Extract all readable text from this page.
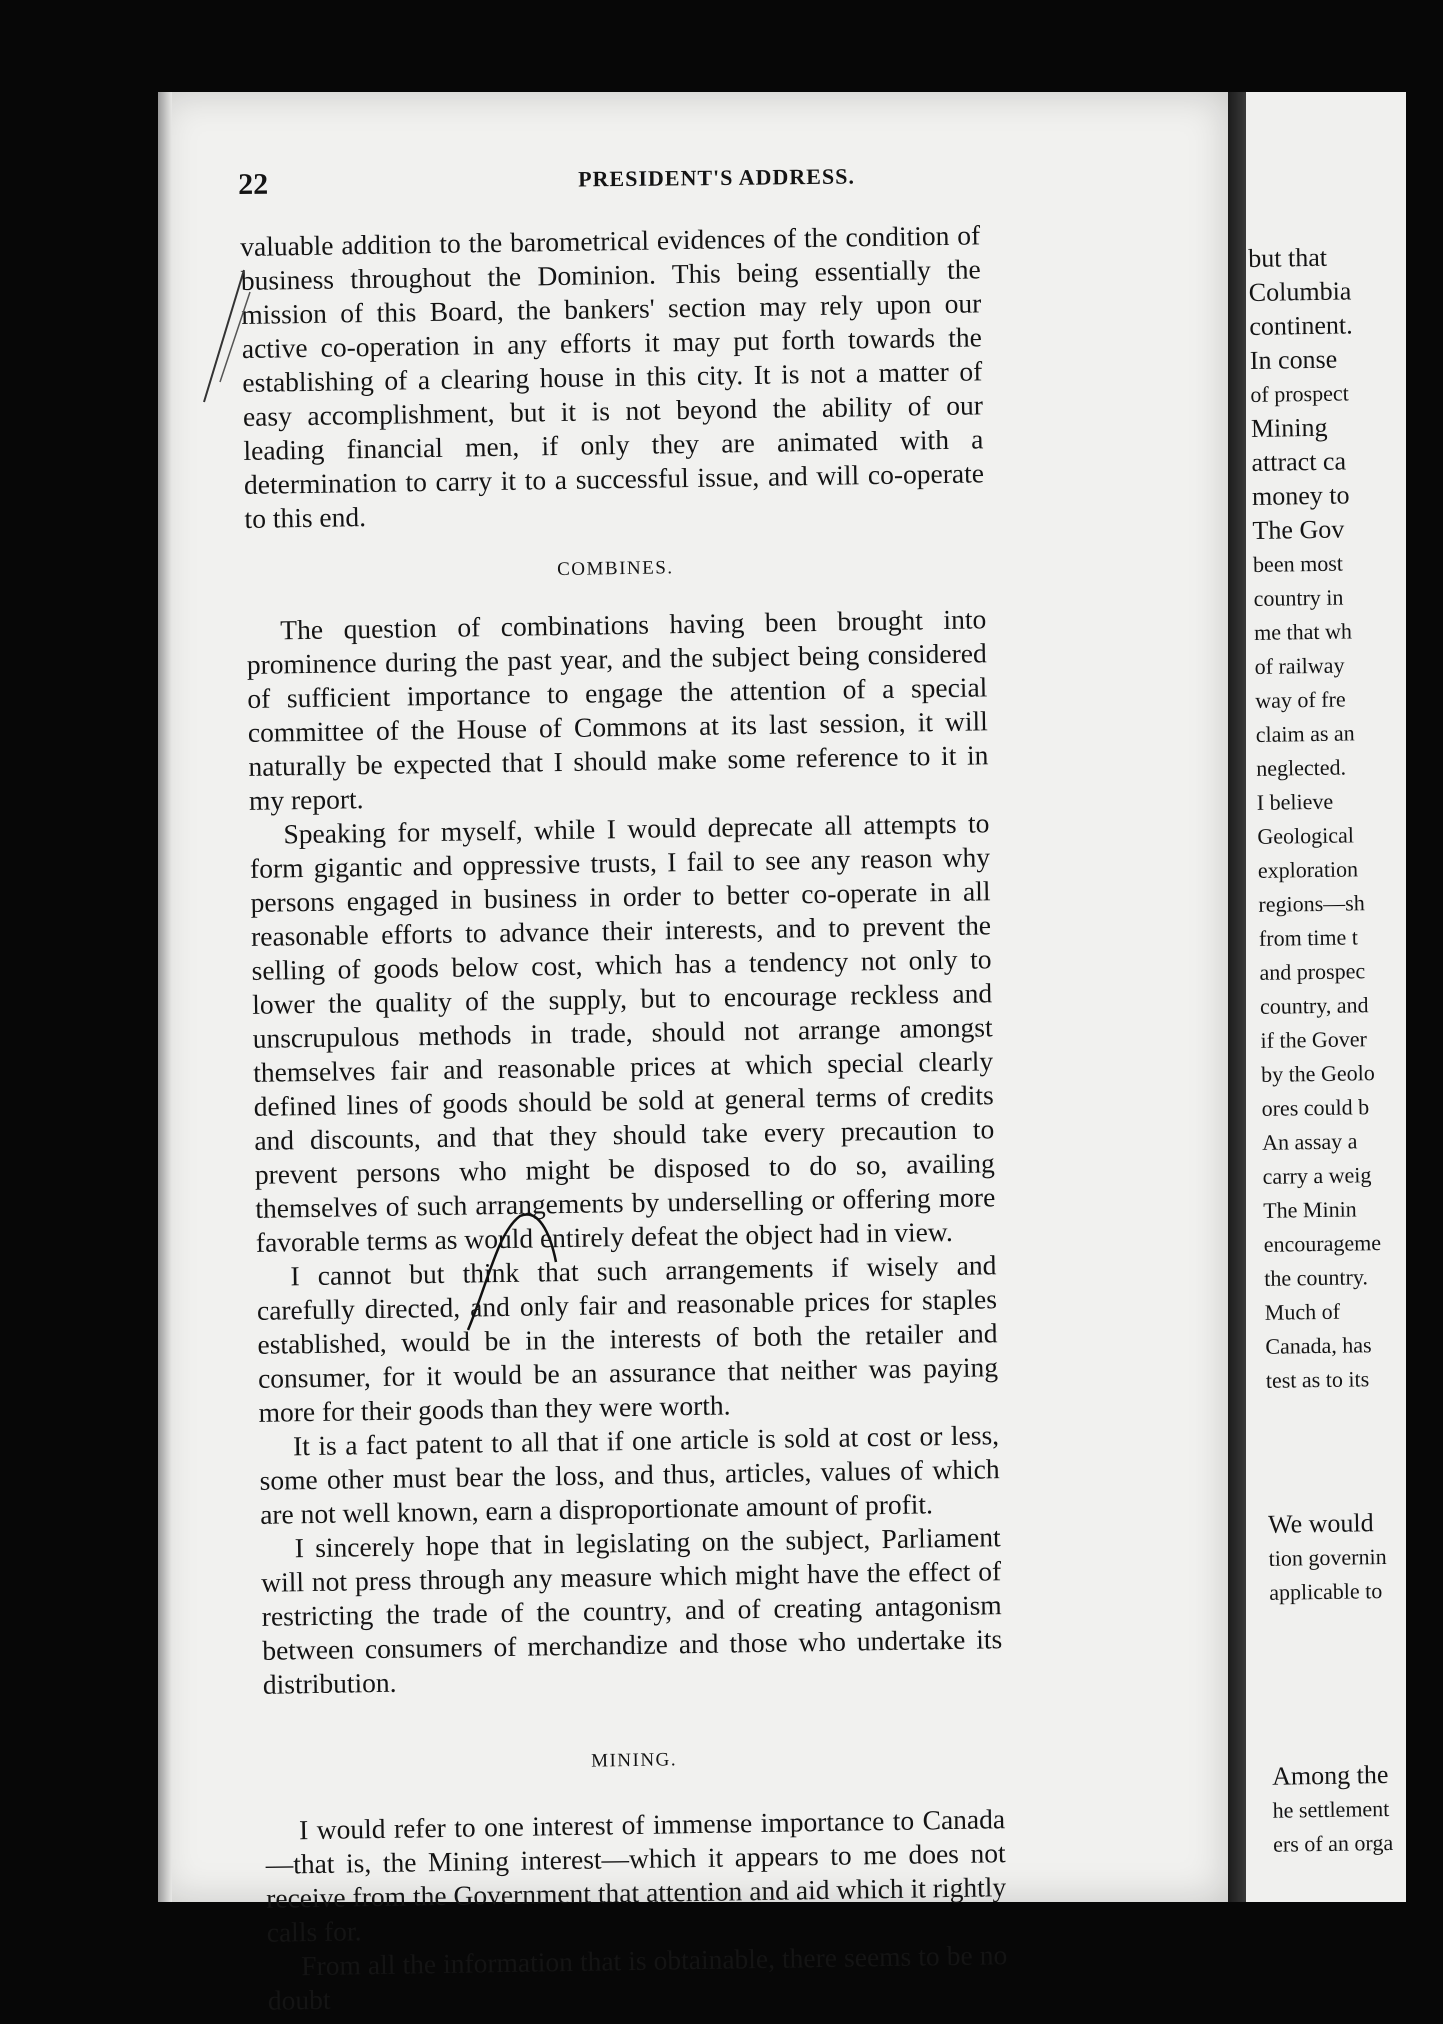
22	PRESIDENT'S ADDRESS.

valuable addition to the barometrical evidences of the condition of business throughout the Dominion. This being essentially the mission of this Board, the bankers' section may rely upon our active co-operation in any efforts it may put forth towards the establishing of a clearing house in this city. It is not a matter of easy accomplishment, but it is not beyond the ability of our leading financial men, if only they are animated with a determination to carry it to a successful issue, and will co-operate to this end.

COMBINES.

The question of combinations having been brought into prominence during the past year, and the subject being considered of sufficient importance to engage the attention of a special committee of the House of Commons at its last session, it will naturally be expected that I should make some reference to it in my report.

Speaking for myself, while I would deprecate all attempts to form gigantic and oppressive trusts, I fail to see any reason why persons engaged in business in order to better co-operate in all reasonable efforts to advance their interests, and to prevent the selling of goods below cost, which has a tendency not only to lower the quality of the supply, but to encourage reckless and unscrupulous methods in trade, should not arrange amongst themselves fair and reasonable prices at which special clearly defined lines of goods should be sold at general terms of credits and discounts, and that they should take every precaution to prevent persons who might be disposed to do so, availing themselves of such arrangements by underselling or offering more favorable terms as would entirely defeat the object had in view.

I cannot but think that such arrangements if wisely and carefully directed, and only fair and reasonable prices for staples established, would be in the interests of both the retailer and consumer, for it would be an assurance that neither was paying more for their goods than they were worth.

It is a fact patent to all that if one article is sold at cost or less, some other must bear the loss, and thus, articles, values of which are not well known, earn a disproportionate amount of profit.

I sincerely hope that in legislating on the subject, Parliament will not press through any measure which might have the effect of restricting the trade of the country, and of creating antagonism between consumers of merchandize and those who undertake its distribution.

MINING.

I would refer to one interest of immense importance to Canada—that is, the Mining interest—which it appears to me does not receive from the Government that attention and aid which it rightly calls for.

From all the information that is obtainable, there seems to be no doubt

but that

Columbia

continent.

In conse

of prospect

Mining

attract ca

money to

The Gov

been most

country in

me that wh

of railway

way of fre

claim as an

neglected.

I believe

Geological

exploration

regions—sh

from time t

and prospec

country, and

if the Gover

by the Geolo

ores could b

An assay a

carry a weig

The Minin

encourageme

the country.

Much of

Canada, has

test as to its

We would

tion governin

applicable to

Among the

he settlement

ers of an orga
